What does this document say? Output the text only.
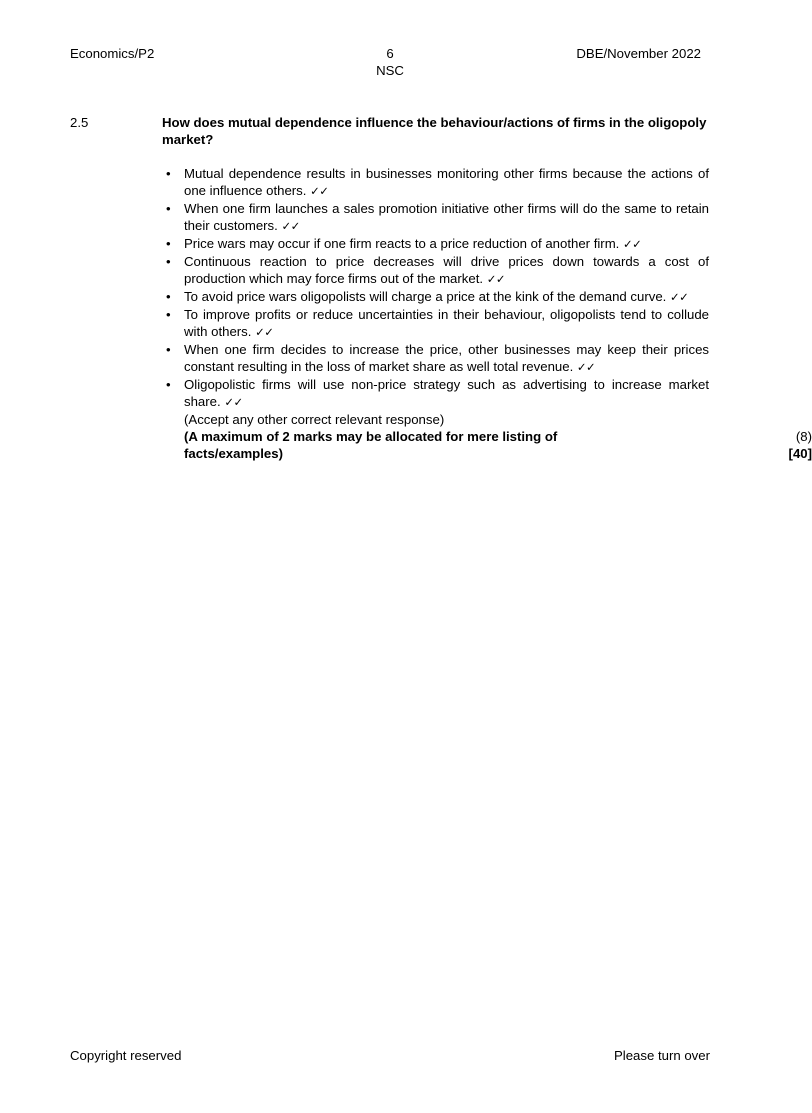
Economics/P2	6
NSC
DBE/November 2022
2.5	How does mutual dependence influence the behaviour/actions of firms in the oligopoly market?
• Mutual dependence results in businesses monitoring other firms because the actions of one influence others. ✓✓
• When one firm launches a sales promotion initiative other firms will do the same to retain their customers. ✓✓
• Price wars may occur if one firm reacts to a price reduction of another firm. ✓✓
• Continuous reaction to price decreases will drive prices down towards a cost of production which may force firms out of the market. ✓✓
• To avoid price wars oligopolists will charge a price at the kink of the demand curve. ✓✓
• To improve profits or reduce uncertainties in their behaviour, oligopolists tend to collude with others. ✓✓
• When one firm decides to increase the price, other businesses may keep their prices constant resulting in the loss of market share as well total revenue. ✓✓
• Oligopolistic firms will use non-price strategy such as advertising to increase market share. ✓✓
(Accept any other correct relevant response)
(A maximum of 2 marks may be allocated for mere listing of	(8)
facts/examples)	[40]
Copyright reserved	Please turn over
